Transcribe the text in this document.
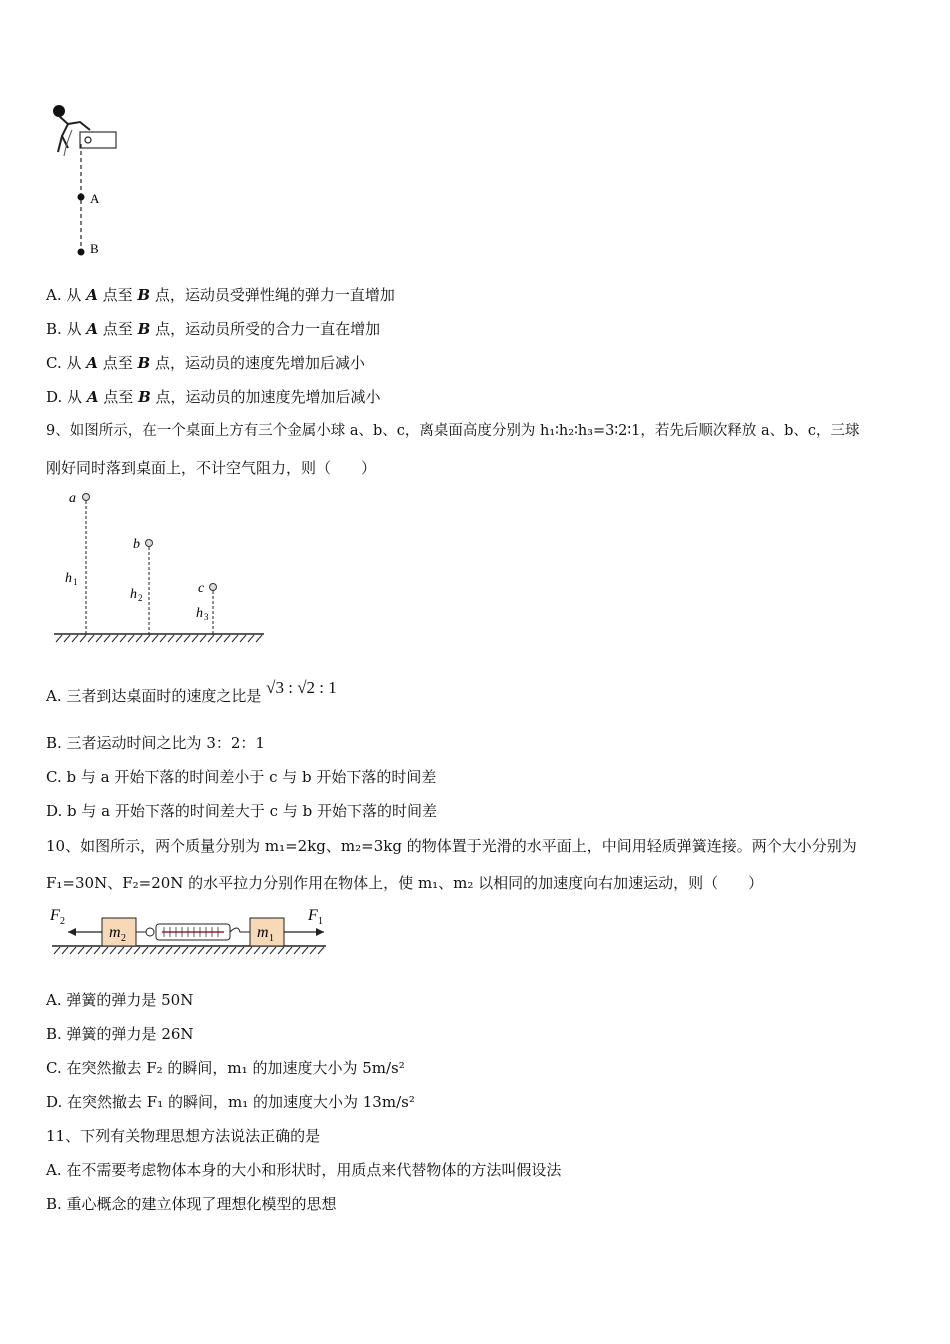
A
B
A. 从 A 点至 B 点，运动员受弹性绳的弹力一直增加
B. 从 A 点至 B 点，运动员所受的合力一直在增加
C. 从 A 点至 B 点，运动员的速度先增加后减小
D. 从 A 点至 B 点，运动员的加速度先增加后减小
9、如图所示，在一个桌面上方有三个金属小球 a、b、c，离桌面高度分别为 h₁∶h₂∶h₃=3∶2∶1，若先后顺次释放 a、b、c，三球
刚好同时落到桌面上，不计空气阻力，则（　　）
a
b
c
h 1
h 2
h 3
A. 三者到达桌面时的速度之比是 √3 : √2 : 1
B. 三者运动时间之比为 3：2：1
C. b 与 a 开始下落的时间差小于 c 与 b 开始下落的时间差
D. b 与 a 开始下落的时间差大于 c 与 b 开始下落的时间差
10、如图所示，两个质量分别为 m₁=2kg、m₂=3kg 的物体置于光滑的水平面上，中间用轻质弹簧连接。两个大小分别为
F₁=30N、F₂=20N 的水平拉力分别作用在物体上，使 m₁、m₂ 以相同的加速度向右加速运动，则（　　）
F 2	F 1
m 2	m 1
A. 弹簧的弹力是 50N
B. 弹簧的弹力是 26N
C. 在突然撤去 F₂ 的瞬间，m₁ 的加速度大小为 5m/s²
D. 在突然撤去 F₁ 的瞬间，m₁ 的加速度大小为 13m/s²
11、下列有关物理思想方法说法正确的是
A. 在不需要考虑物体本身的大小和形状时，用质点来代替物体的方法叫假设法
B. 重心概念的建立体现了理想化模型的思想
